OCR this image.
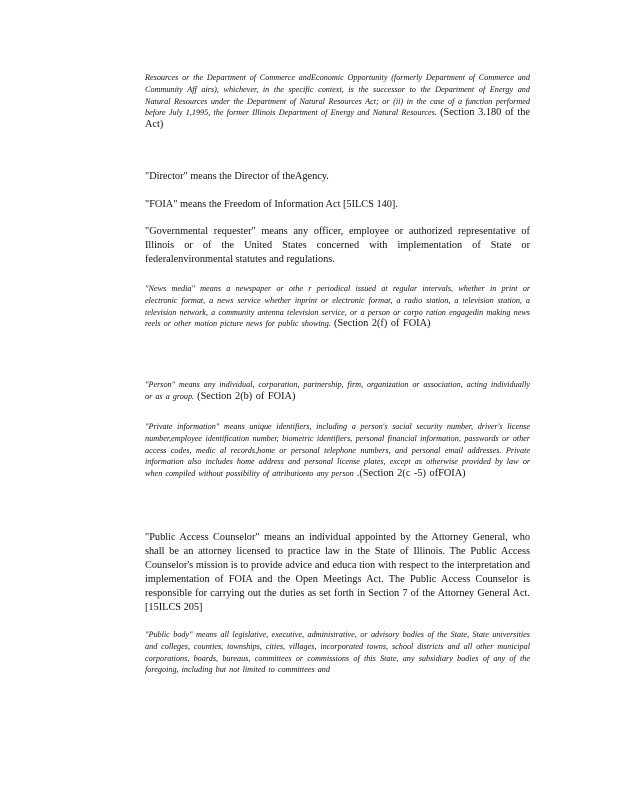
Resources or the Department of Commerce andEconomic Opportunity (formerly Department of Commerce and Community Aff airs), whichever, in the specific context, is the successor to the Department of Energy and Natural Resources under the Department of Natural Resources Act; or (ii) in the case of a function performed before July 1,1995, the former Illinois Department of Energy and Natural Resources. (Section 3.180 of the Act)

"Director" means the Director of theAgency.

"FOIA" means the Freedom of Information Act [5ILCS 140].

"Governmental requester" means any officer, employee or authorized representative of Illinois or of the United States concerned with implementation of State or federalenvironmental statutes and regulations.

"News media" means a newspaper or othe r periodical issued at regular intervals, whether in print or electronic format, a news service whether inprint or electronic format, a radio station, a television station, a television network, a community antenna television service, or a person or corpo ration engagedin making news reels or other motion picture news for public showing. (Section 2(f) of FOIA)

"Person" means any individual, corporation, partnership, firm, organization or association, acting individually or as a group. (Section 2(b) of FOIA)

"Private information" means unique identifiers, including a person's social security number, driver's license number,employee identification number, biometric identifiers, personal financial information, passwords or other access codes, medic al records,home or personal telephone numbers, and personal email addresses. Private information also includes home address and personal license plates, except as otherwise provided by law or when compiled without possibility of attributionto any person .(Section 2(c -5) ofFOIA)

"Public Access Counselor" means an individual appointed by the Attorney General, who shall be an attorney licensed to practice law in the State of Illinois. The Public Access Counselor's mission is to provide advice and educa tion with respect to the interpretation and implementation of FOIA and the Open Meetings Act. The Public Access Counselor is responsible for carrying out the duties as set forth in Section 7 of the Attorney General Act. [15ILCS 205]

"Public body" means all legislative, executive, administrative, or advisory bodies of the State, State universities and colleges, counties, townships, cities, villages, incorporated towns, school districts and all other municipal corporations, boards, bureaus, committees or commissions of this State, any subsidiary bodies of any of the foregoing, including but not limited to committees and
